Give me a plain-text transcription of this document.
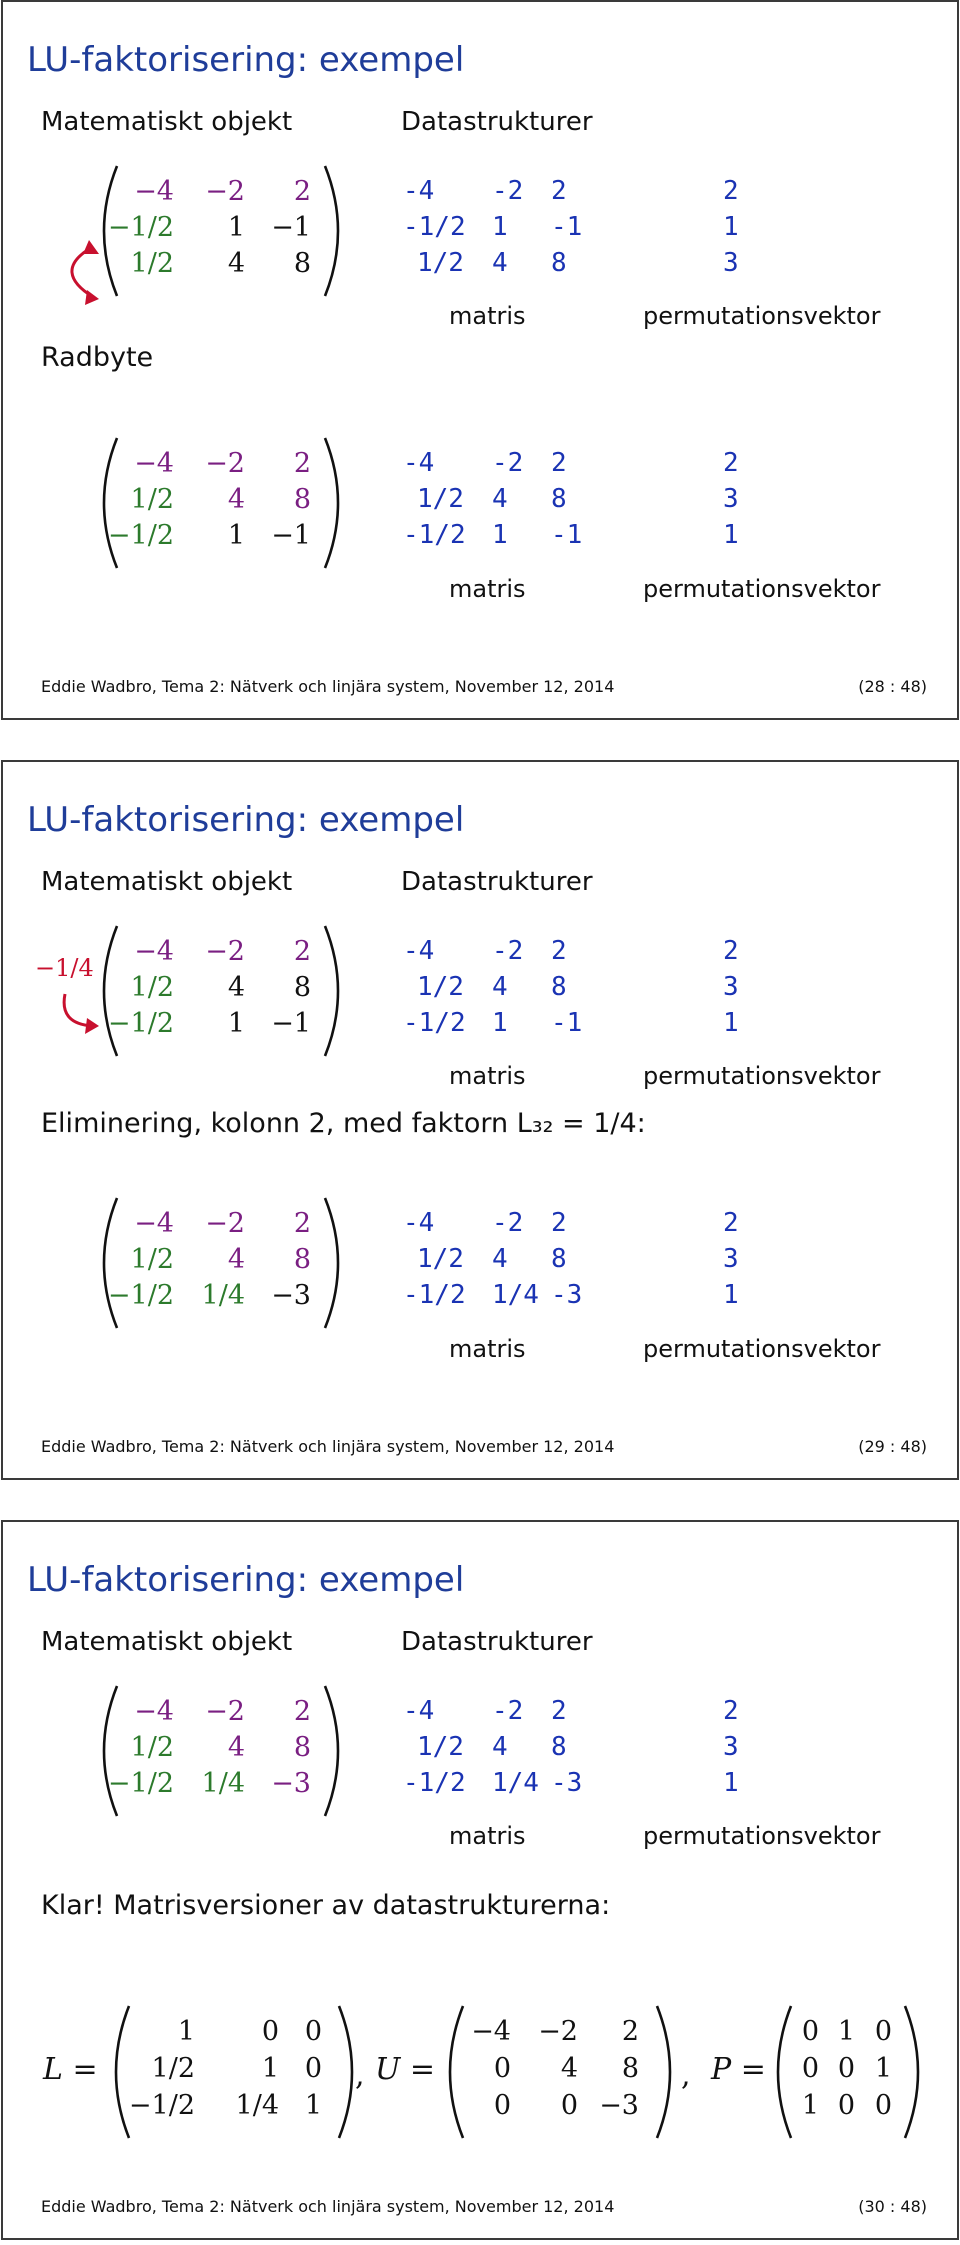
LU-faktorisering: exempel
Matematiskt objekt	Datastrukturer
−4 −2 2
−1/2 1 −1
1/2 4 8
-4 -2 2	2
-1/2 1 -1	1
1/2 4 8	3
matris	permutationsvektor
Radbyte
−4 −2 2
1/2 4 8
−1/2 1 −1
-4 -2 2	2
1/2 4 8	3
-1/2 1 -1	1
matris	permutationsvektor
Eddie Wadbro, Tema 2: Nätverk och linjära system, November 12, 2014	(28 : 48)
LU-faktorisering: exempel
Matematiskt objekt	Datastrukturer
−4 −2 2
1/2 4 8
−1/2 1 −1
-4 -2 2	2
1/2 4 8	3
-1/2 1 -1	1
matris	permutationsvektor
−1/4
Eliminering, kolonn 2, med faktorn L₃₂ = 1/4:
−4 −2 2
1/2 4 8
−1/2 1/4 −3
-4 -2 2	2
1/2 4 8	3
-1/2 1/4 -3	1
matris	permutationsvektor
Eddie Wadbro, Tema 2: Nätverk och linjära system, November 12, 2014	(29 : 48)
LU-faktorisering: exempel
Matematiskt objekt	Datastrukturer
−4 −2 2
1/2 4 8
−1/2 1/4 −3
-4 -2 2	2
1/2 4 8	3
-1/2 1/4 -3	1
matris	permutationsvektor
Klar! Matrisversioner av datastrukturerna:
L =
1 0 0
1/2 1 0
−1/2 1/4 1
, U =
−4 −2 2
0 4 8
0 0 −3
, P =
0 1 0
0 0 1
1 0 0
Eddie Wadbro, Tema 2: Nätverk och linjära system, November 12, 2014	(30 : 48)
